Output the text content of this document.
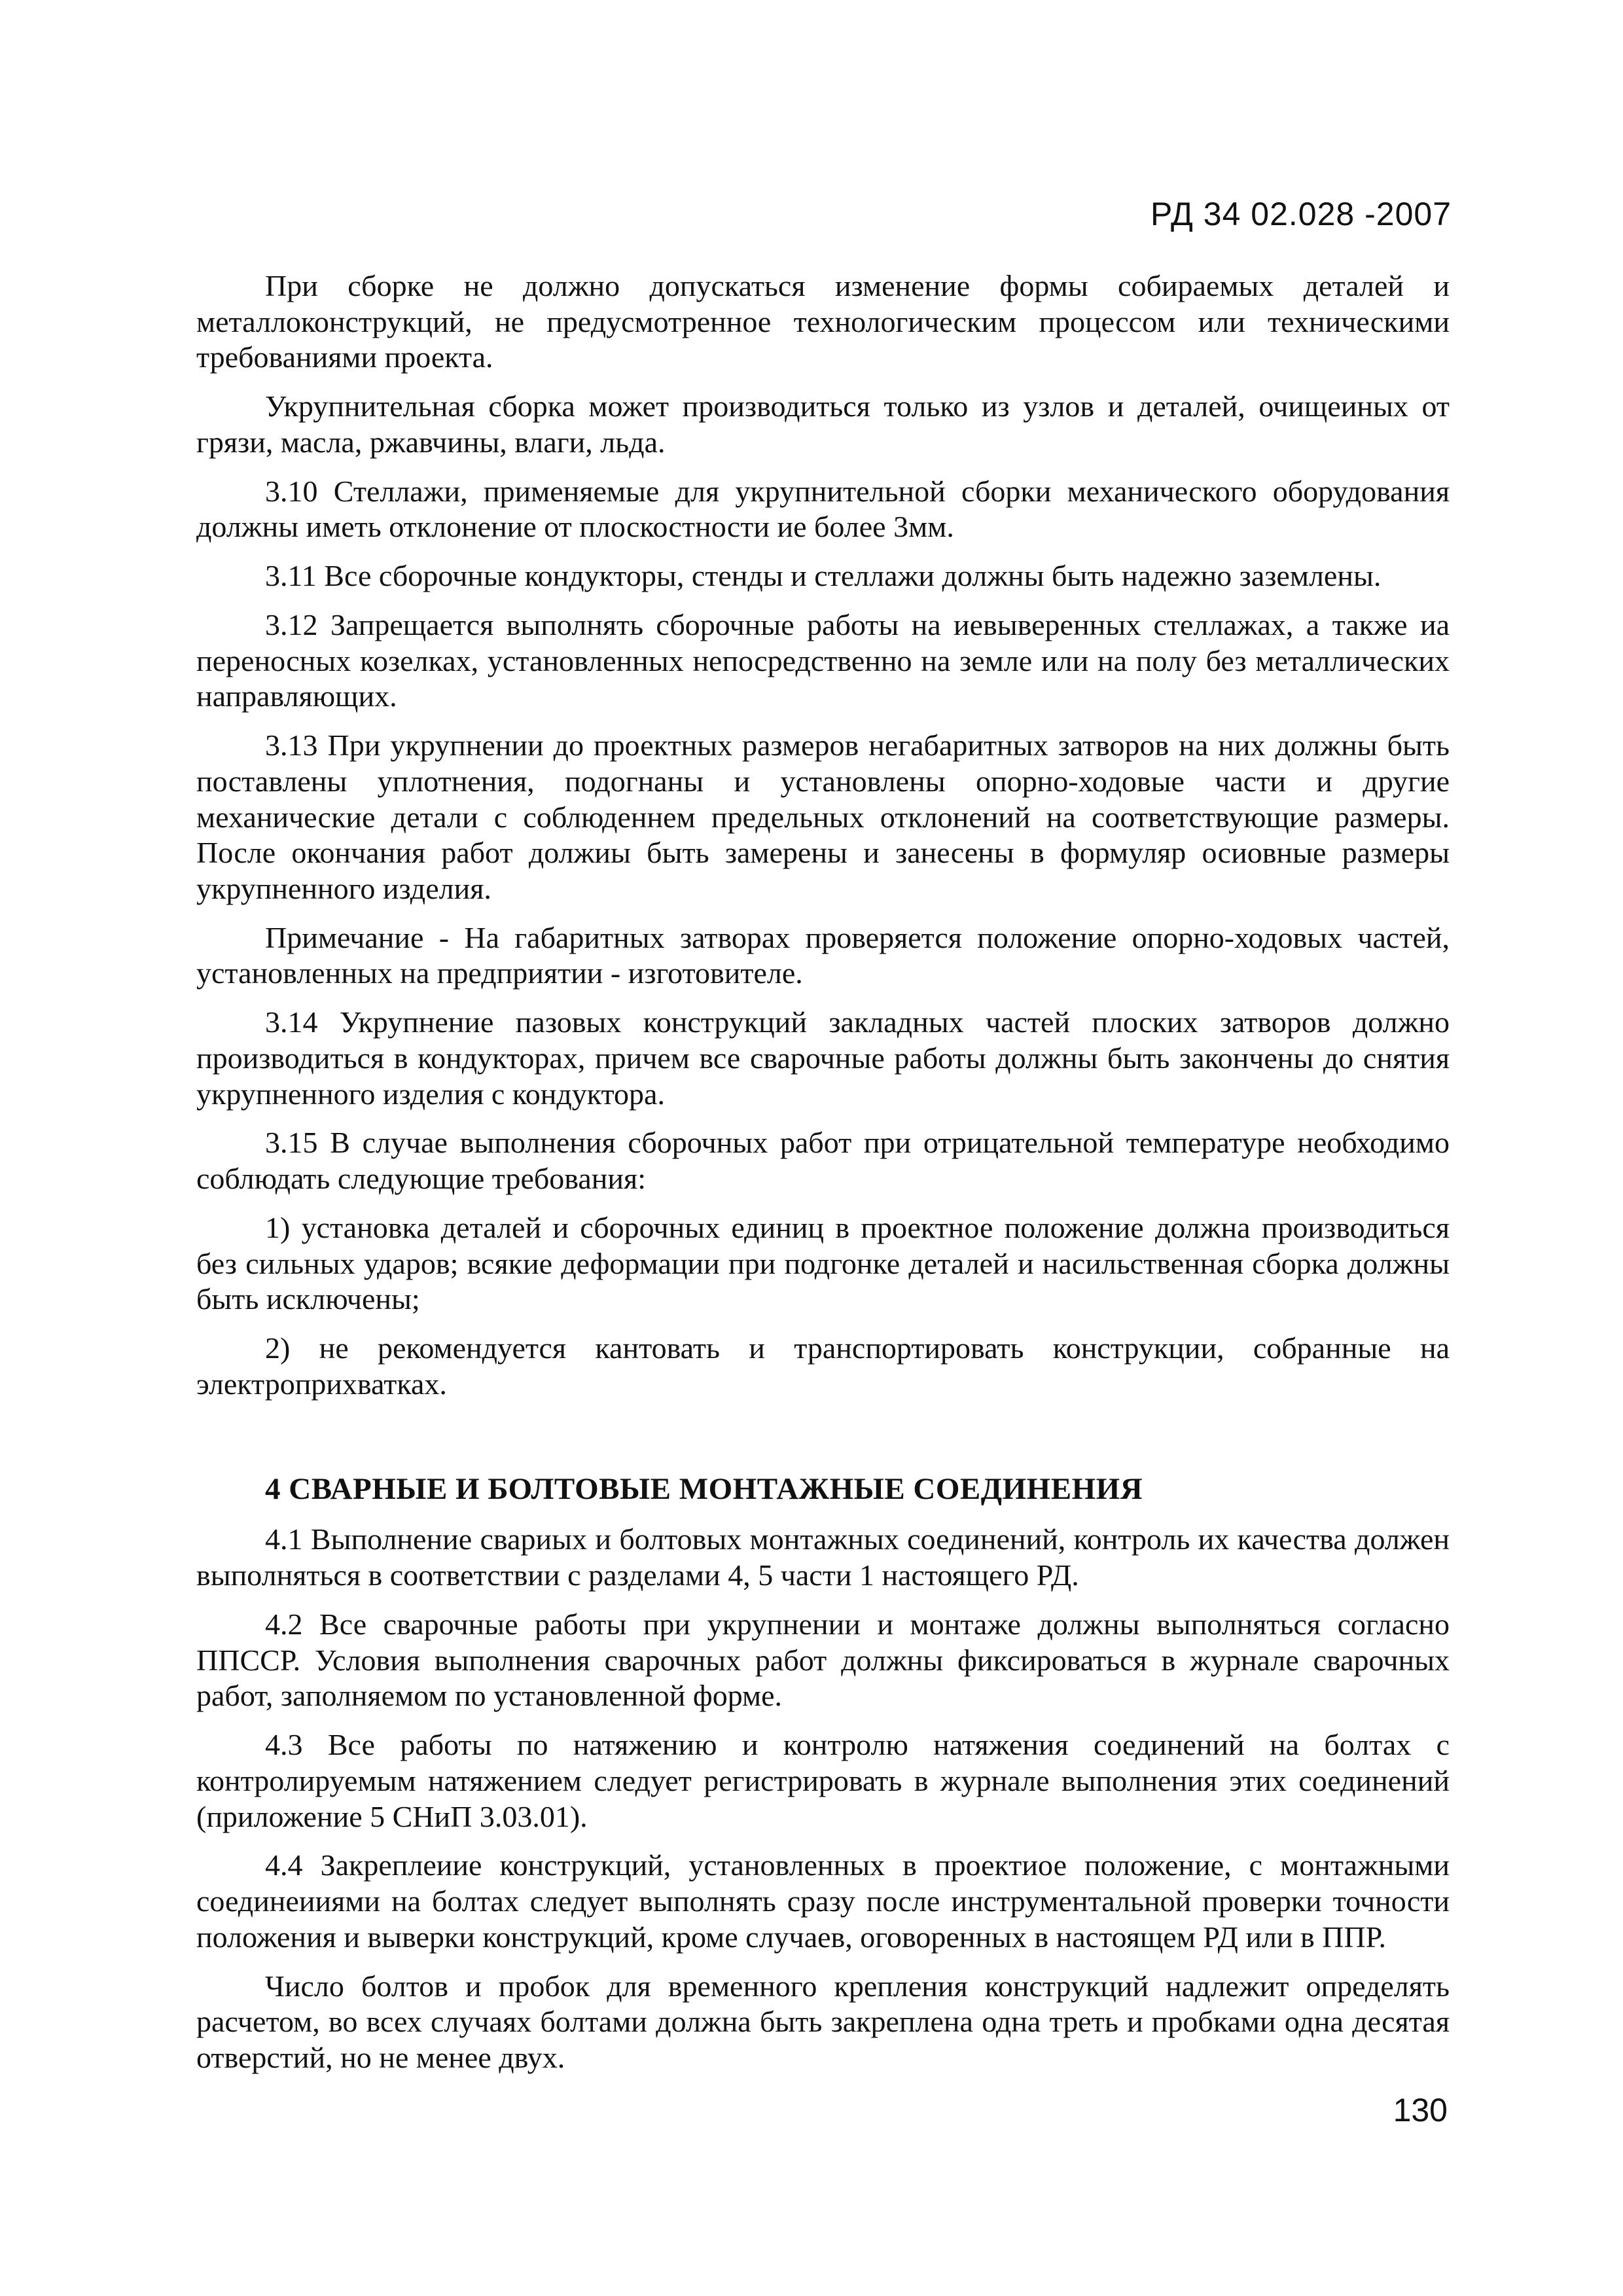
РД 34 02.028 -2007

При сборке не должно допускаться изменение формы собираемых деталей и металлоконструкций, не предусмотренное технологическим процессом или техническими требованиями проекта.

Укрупнительная сборка может производиться только из узлов и деталей, очищеиных от грязи, масла, ржавчины, влаги, льда.

3.10 Стеллажи, применяемые для укрупнительной сборки механического оборудования должны иметь отклонение от плоскостности ие более 3мм.

3.11 Все сборочные кондукторы, стенды и стеллажи должны быть надежно заземлены.

3.12 Запрещается выполнять сборочные работы на иевыверенных стеллажах, а также иа переносных козелках, установленных непосредственно на земле или на полу без металлических направляющих.

3.13 При укрупнении до проектных размеров негабаритных затворов на них должны быть поставлены уплотнения, подогнаны и установлены опорно-ходовые части и другие механические детали с соблюденнем предельных отклонений на соответствующие размеры. После окончания работ должиы быть замерены и занесены в формуляр осиовные размеры укрупненного изделия.

Примечание - На габаритных затворах проверяется положение опорно-ходовых частей, установленных на предприятии - изготовителе.

3.14 Укрупнение пазовых конструкций закладных частей плоских затворов должно производиться в кондукторах, причем все сварочные работы должны быть закончены до снятия укрупненного изделия с кондуктора.

3.15 В случае выполнения сборочных работ при отрицательной температуре необходимо соблюдать следующие требования:

1) установка деталей и сборочных единиц в проектное положение должна производиться без сильных ударов; всякие деформации при подгонке деталей и насильственная сборка должны быть исключены;

2) не рекомендуется кантовать и транспортировать конструкции, собранные на электроприхватках.

4 СВАРНЫЕ И БОЛТОВЫЕ МОНТАЖНЫЕ СОЕДИНЕНИЯ

4.1 Выполнение свариых и болтовых монтажных соединений, контроль их качества должен выполняться в соответствии с разделами 4, 5 части 1 настоящего РД.

4.2 Все сварочные работы при укрупнении и монтаже должны выполняться согласно ППССР. Условия выполнения сварочных работ должны фиксироваться в журнале сварочных работ, заполняемом по установленной форме.

4.3 Все работы по натяжению и контролю натяжения соединений на болтах с контролируемым натяжением следует регистрировать в журнале выполнения этих соединений (приложение 5 СНиП 3.03.01).

4.4 Закреплеиие конструкций, установленных в проектиое положение, с монтажными соединеииями на болтах следует выполнять сразу после инструментальной проверки точности положения и выверки конструкций, кроме случаев, оговоренных в настоящем РД или в ППР.

Число болтов и пробок для временного крепления конструкций надлежит определять расчетом, во всех случаях болтами должна быть закреплена одна треть и пробками одна десятая отверстий, но не менее двух.

130
